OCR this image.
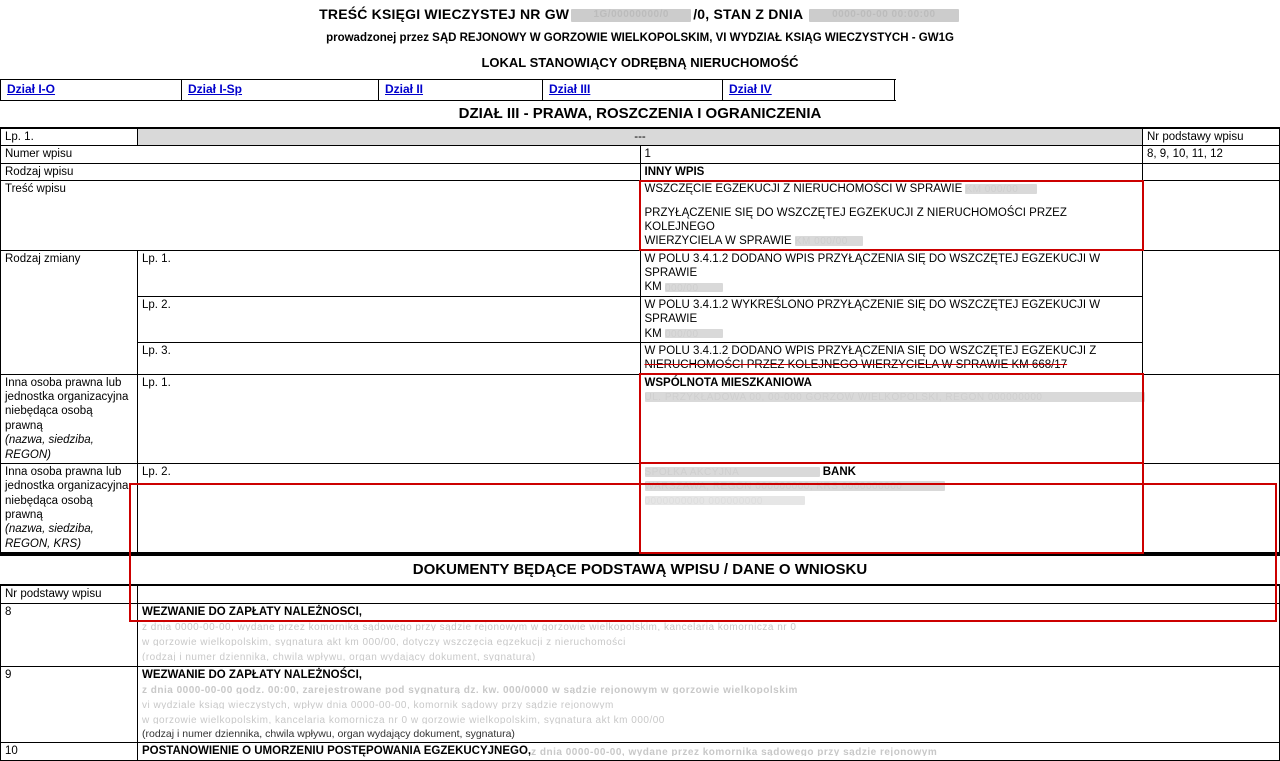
TREŚĆ KSIĘGI WIECZYSTEJ NR GW 1G/00000000/0 /0, STAN Z DNIA	0000-00-00 00:00:00
prowadzonej przez SĄD REJONOWY W GORZOWIE WIELKOPOLSKIM, VI WYDZIAŁ KSIĄG WIECZYSTYCH - GW1G
LOKAL STANOWIĄCY ODRĘBNĄ NIERUCHOMOŚĆ
Dział I-O	Dział I-Sp	Dział II	Dział III	Dział IV
DZIAŁ III - PRAWA, ROSZCZENIA I OGRANICZENIA
Lp. 1.	---		Nr podstawy wpisu
Numer wpisu		1	8, 9, 10, 11, 12
Rodzaj wpisu		INNY WPIS	
Treść wpisu		WSZCZĘCIE EGZEKUCJI Z NIERUCHOMOŚCI W SPRAWIE KM 000/00
PRZYŁĄCZENIE SIĘ DO WSZCZĘTEJ EGZEKUCJI Z NIERUCHOMOŚCI PRZEZ KOLEJNEGO
WIERZYCIELA W SPRAWIE KM 000/00	

Rodzaj zmiany	Lp. 1.	W POLU 3.4.1.2 DODANO WPIS PRZYŁĄCZENIA SIĘ DO WSZCZĘTEJ EGZEKUCJI W SPRAWIE
KM 000/00	

	Lp. 2.	W POLU 3.4.1.2 WYKREŚLONO PRZYŁĄCZENIE SIĘ DO WSZCZĘTEJ EGZEKUCJI W SPRAWIE
KM 000/00	

	Lp. 3.	W POLU 3.4.1.2 DODANO WPIS PRZYŁĄCZENIA SIĘ DO WSZCZĘTEJ EGZEKUCJI Z
NIERUCHOMOŚCI PRZEZ KOLEJNEGO WIERZYCIELA W SPRAWIE KM 668/17	

Inna osoba prawna lub jednostka organizacyjna niebędąca osobą prawną
(nazwa, siedziba, REGON)	Lp. 1.	WSPÓLNOTA MIESZKANIOWA UL. PRZYKŁADOWA 00, 00-000 GORZÓW WIELKOPOLSKI, REGON 000000000	

Inna osoba prawna lub jednostka organizacyjna niebędąca osobą prawną
(nazwa, siedziba, REGON, KRS)
	Lp. 2.	SPÓŁKA AKCYJNA	BANK WARSZAWA, REGON 000000000, KRS 0000000000
0000000000 000000000

DOKUMENTY BĘDĄCE PODSTAWĄ WPISU / DANE O WNIOSKU
Nr podstawy wpisu	
8	WEZWANIE DO ZAPŁATY NALEŻNOSCI,
z dnia 0000-00-00, wydane przez komornika sądowego przy sądzie rejonowym w gorzowie wielkopolskim, kancelaria komornicza nr 0
w gorzowie wielkopolskim, sygnatura akt km 000/00, dotyczy wszczęcia egzekucji z nieruchomości
(rodzaj i numer dziennika, chwila wpływu, organ wydający dokument, sygnatura)

9	WEZWANIE DO ZAPŁATY NALEŻNOŚCI,z dnia 0000-00-00 godz. 00:00, zarejestrowane pod sygnaturą dz. kw. 000/0000 w sądzie rejonowym w gorzowie wielkopolskim
vi wydziale ksiąg wieczystych, wpływ dnia 0000-00-00, komornik sądowy przy sądzie rejonowym
w gorzowie wielkopolskim, kancelaria komornicza nr 0 w gorzowie wielkopolskim, sygnatura akt km 000/00
(rodzaj i numer dziennika, chwila wpływu, organ wydający dokument, sygnatura)

10	POSTANOWIENIE O UMORZENIU POSTĘPOWANIA EGZEKUCYJNEGO,z dnia 0000-00-00, wydane przez komornika sądowego przy sądzie rejonowym
